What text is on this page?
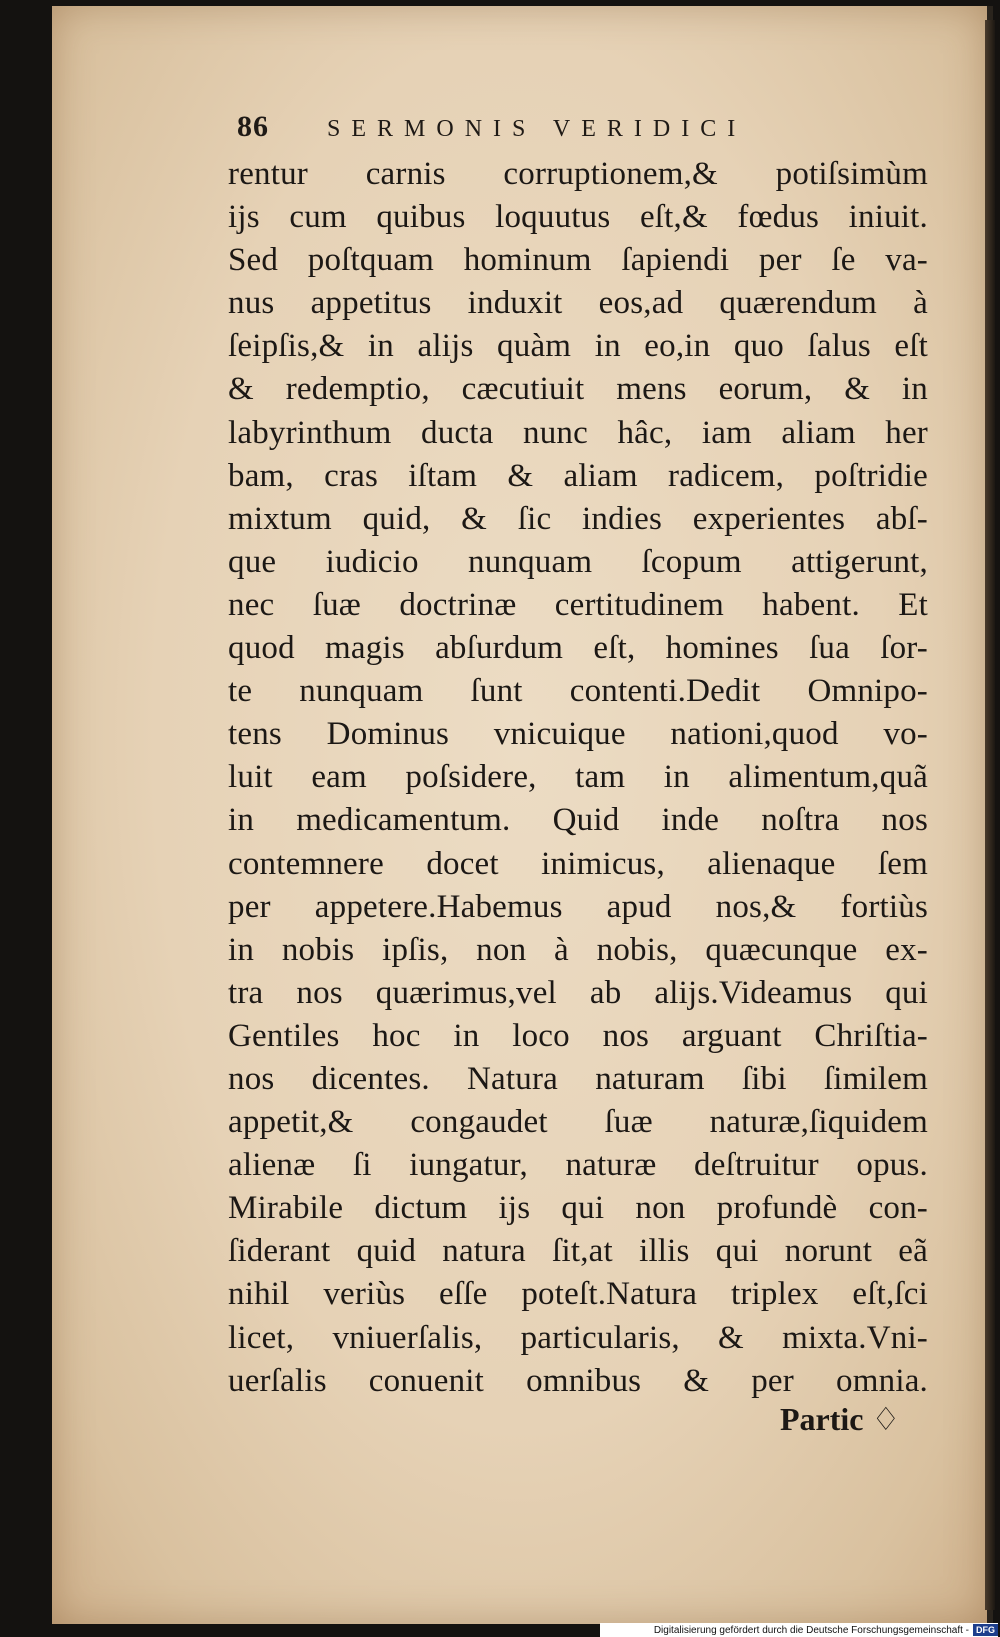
86 SERMONIS VERIDICI
rentur carnis corruptionem,& potiſsimùm
ijs cum quibus loquutus eſt,& fœdus iniuit.
Sed poſtquam hominum ſapiendi per ſe va-
nus appetitus induxit eos,ad quærendum à
ſeipſis,& in alijs quàm in eo,in quo ſalus eſt
& redemptio, cæcutiuit mens eorum, & in
labyrinthum ducta nunc hâc, iam aliam her
bam, cras iſtam & aliam radicem, poſtridie
mixtum quid, & ſic indies experientes abſ-
que iudicio nunquam ſcopum attigerunt,
nec ſuæ doctrinæ certitudinem habent. Et
quod magis abſurdum eſt, homines ſua ſor-
te nunquam ſunt contenti.Dedit Omnipo-
tens Dominus vnicuique nationi,quod vo-
luit eam poſsidere, tam in alimentum,quã
in medicamentum. Quid inde noſtra nos
contemnere docet inimicus, alienaque ſem
per appetere.Habemus apud nos,& fortiùs
in nobis ipſis, non à nobis, quæcunque ex-
tra nos quærimus,vel ab alijs.Videamus qui
Gentiles hoc in loco nos arguant Chriſtia-
nos dicentes. Natura naturam ſibi ſimilem
appetit,& congaudet ſuæ naturæ,ſiquidem
alienæ ſi iungatur, naturæ deſtruitur opus.
Mirabile dictum ijs qui non profundè con-
ſiderant quid natura ſit,at illis qui norunt eã
nihil veriùs eſſe poteſt.Natura triplex eſt,ſci
licet, vniuerſalis, particularis, & mixta.Vni-
uerſalis conuenit omnibus & per omnia.
Partic ♢
Digitalisierung gefördert durch die Deutsche Forschungsgemeinschaft - DFG
